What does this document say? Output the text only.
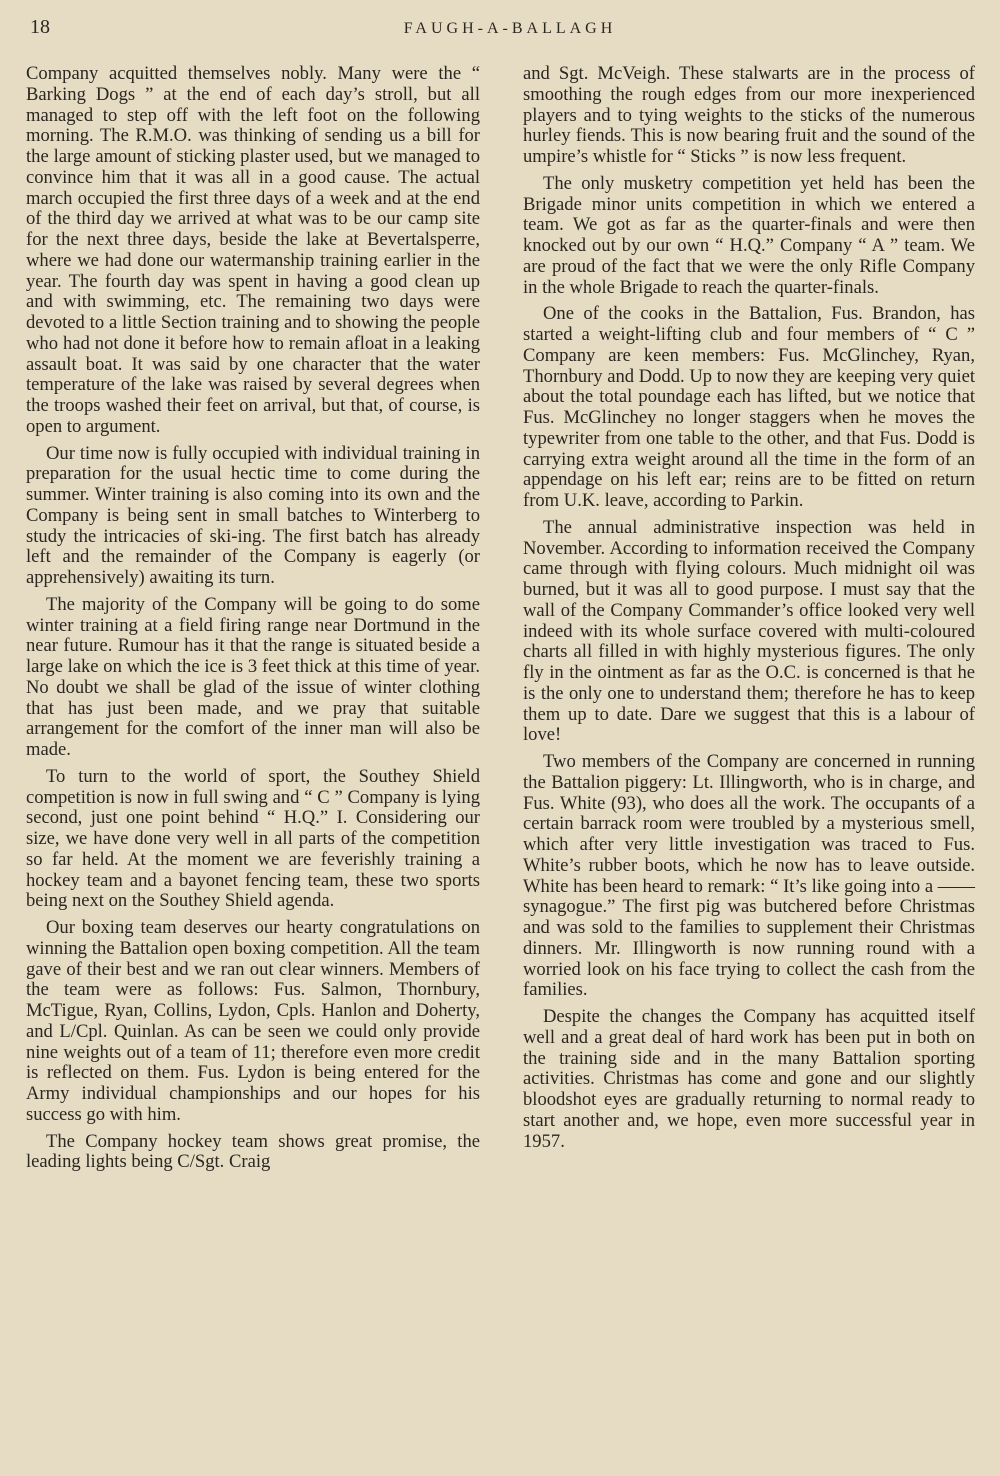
18	FAUGH-A-BALLAGH

Company acquitted themselves nobly. Many were the “ Barking Dogs ” at the end of each day’s stroll, but all managed to step off with the left foot on the following morning. The R.M.O. was thinking of sending us a bill for the large amount of sticking plaster used, but we managed to convince him that it was all in a good cause. The actual march occupied the first three days of a week and at the end of the third day we arrived at what was to be our camp site for the next three days, beside the lake at Bevertalsperre, where we had done our watermanship training earlier in the year. The fourth day was spent in having a good clean up and with swimming, etc. The remaining two days were devoted to a little Section training and to showing the people who had not done it before how to remain afloat in a leaking assault boat. It was said by one character that the water temperature of the lake was raised by several degrees when the troops washed their feet on arrival, but that, of course, is open to argument.

Our time now is fully occupied with individual training in preparation for the usual hectic time to come during the summer. Winter training is also coming into its own and the Company is being sent in small batches to Winterberg to study the intricacies of ski-ing. The first batch has already left and the remainder of the Company is eagerly (or apprehensively) awaiting its turn.

The majority of the Company will be going to do some winter training at a field firing range near Dortmund in the near future. Rumour has it that the range is situated beside a large lake on which the ice is 3 feet thick at this time of year. No doubt we shall be glad of the issue of winter clothing that has just been made, and we pray that suitable arrangement for the comfort of the inner man will also be made.

To turn to the world of sport, the Southey Shield competition is now in full swing and “ C ” Company is lying second, just one point behind “ H.Q.” I. Considering our size, we have done very well in all parts of the competition so far held. At the moment we are feverishly training a hockey team and a bayonet fencing team, these two sports being next on the Southey Shield agenda.

Our boxing team deserves our hearty congratulations on winning the Battalion open boxing competition. All the team gave of their best and we ran out clear winners. Members of the team were as follows: Fus. Salmon, Thornbury, McTigue, Ryan, Collins, Lydon, Cpls. Hanlon and Doherty, and L/Cpl. Quinlan. As can be seen we could only provide nine weights out of a team of 11; therefore even more credit is reflected on them. Fus. Lydon is being entered for the Army individual championships and our hopes for his success go with him.

The Company hockey team shows great promise, the leading lights being C/Sgt. Craig

and Sgt. McVeigh. These stalwarts are in the process of smoothing the rough edges from our more inexperienced players and to tying weights to the sticks of the numerous hurley fiends. This is now bearing fruit and the sound of the umpire’s whistle for “ Sticks ” is now less frequent.

The only musketry competition yet held has been the Brigade minor units competition in which we entered a team. We got as far as the quarter-finals and were then knocked out by our own “ H.Q.” Company “ A ” team. We are proud of the fact that we were the only Rifle Company in the whole Brigade to reach the quarter-finals.

One of the cooks in the Battalion, Fus. Brandon, has started a weight-lifting club and four members of “ C ” Company are keen members: Fus. McGlinchey, Ryan, Thornbury and Dodd. Up to now they are keeping very quiet about the total poundage each has lifted, but we notice that Fus. McGlinchey no longer staggers when he moves the typewriter from one table to the other, and that Fus. Dodd is carrying extra weight around all the time in the form of an appendage on his left ear; reins are to be fitted on return from U.K. leave, according to Parkin.

The annual administrative inspection was held in November. According to information received the Company came through with flying colours. Much midnight oil was burned, but it was all to good purpose. I must say that the wall of the Company Commander’s office looked very well indeed with its whole surface covered with multi-coloured charts all filled in with highly mysterious figures. The only fly in the ointment as far as the O.C. is concerned is that he is the only one to understand them; therefore he has to keep them up to date. Dare we suggest that this is a labour of love!

Two members of the Company are concerned in running the Battalion piggery: Lt. Illingworth, who is in charge, and Fus. White (93), who does all the work. The occupants of a certain barrack room were troubled by a mysterious smell, which after very little investigation was traced to Fus. White’s rubber boots, which he now has to leave outside. White has been heard to remark: “ It’s like going into a —— synagogue.” The first pig was butchered before Christmas and was sold to the families to supplement their Christmas dinners. Mr. Illingworth is now running round with a worried look on his face trying to collect the cash from the families.

Despite the changes the Company has acquitted itself well and a great deal of hard work has been put in both on the training side and in the many Battalion sporting activities. Christmas has come and gone and our slightly bloodshot eyes are gradually returning to normal ready to start another and, we hope, even more successful year in 1957.
